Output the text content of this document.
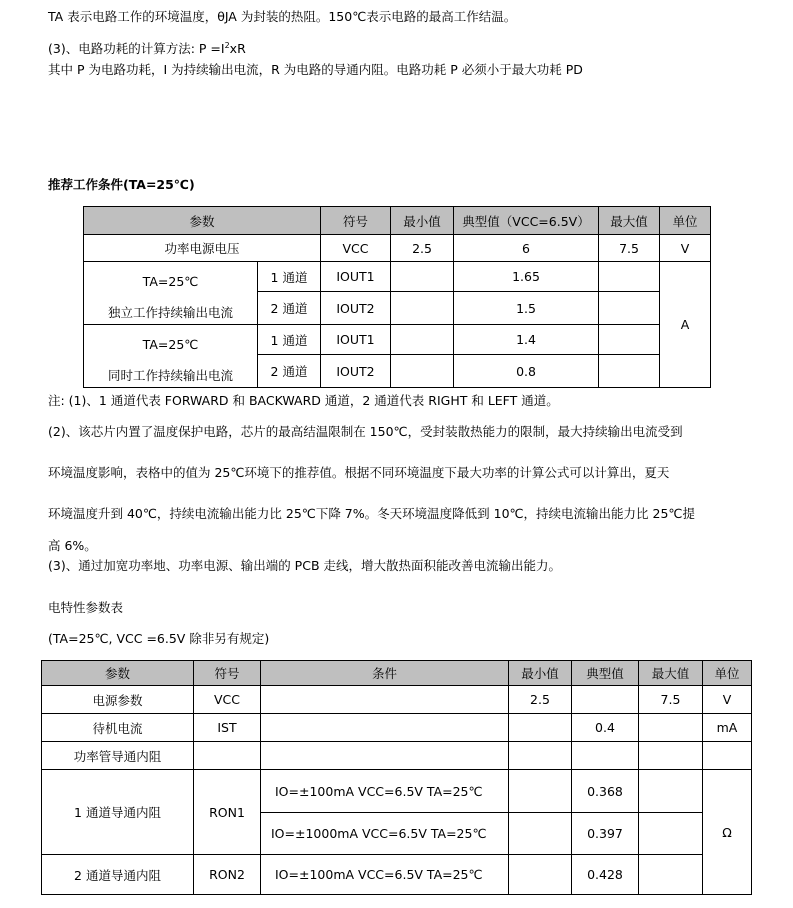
TA 表示电路工作的环境温度，θJA 为封装的热阻。150℃表示电路的最高工作结温。
(3)、电路功耗的计算方法: $P =I^2xR$
其中 P 为电路功耗，I 为持续输出电流，R 为电路的导通内阻。电路功耗 P 必须小于最大功耗 PD
推荐工作条件(TA=25℃)
参数		符号	最小值	典型值（VCC=6.5V）	最大值	单位
功率电源电压		VCC	2.5	6	7.5	V

TA=25℃
独立工作持续输出电流	1 通道	IOUT1		1.65		A
	2 通道	IOUT2		1.5		

TA=25℃
同时工作持续输出电流	1 通道	IOUT1		1.4		
	2 通道	IOUT2		0.8		
注: (1)、1 通道代表 FORWARD 和 BACKWARD 通道，2 通道代表 RIGHT 和 LEFT 通道。
(2)、该芯片内置了温度保护电路，芯片的最高结温限制在 150℃，受封装散热能力的限制，最大持续输出电流受到
环境温度影响，表格中的值为 25℃环境下的推荐值。根据不同环境温度下最大功率的计算公式可以计算出，夏天
环境温度升到 40℃，持续电流输出能力比 25℃下降 7%。冬天环境温度降低到 10℃，持续电流输出能力比 25℃提
高 6%。
(3)、通过加宽功率地、功率电源、输出端的 PCB 走线，增大散热面积能改善电流输出能力。
电特性参数表
(TA=25℃, VCC =6.5V 除非另有规定)
参数	符号	条件	最小值	典型值	最大值	单位
电源参数	VCC		2.5		7.5	V
待机电流	IST			0.4		mA
功率管导通内阻						
1 通道导通内阻	RON1	IO=±100mA VCC=6.5V TA=25℃		0.368		Ω
		IO=±1000mA VCC=6.5V TA=25℃		0.397		
2 通道导通内阻	RON2	IO=±100mA VCC=6.5V TA=25℃		0.428		
